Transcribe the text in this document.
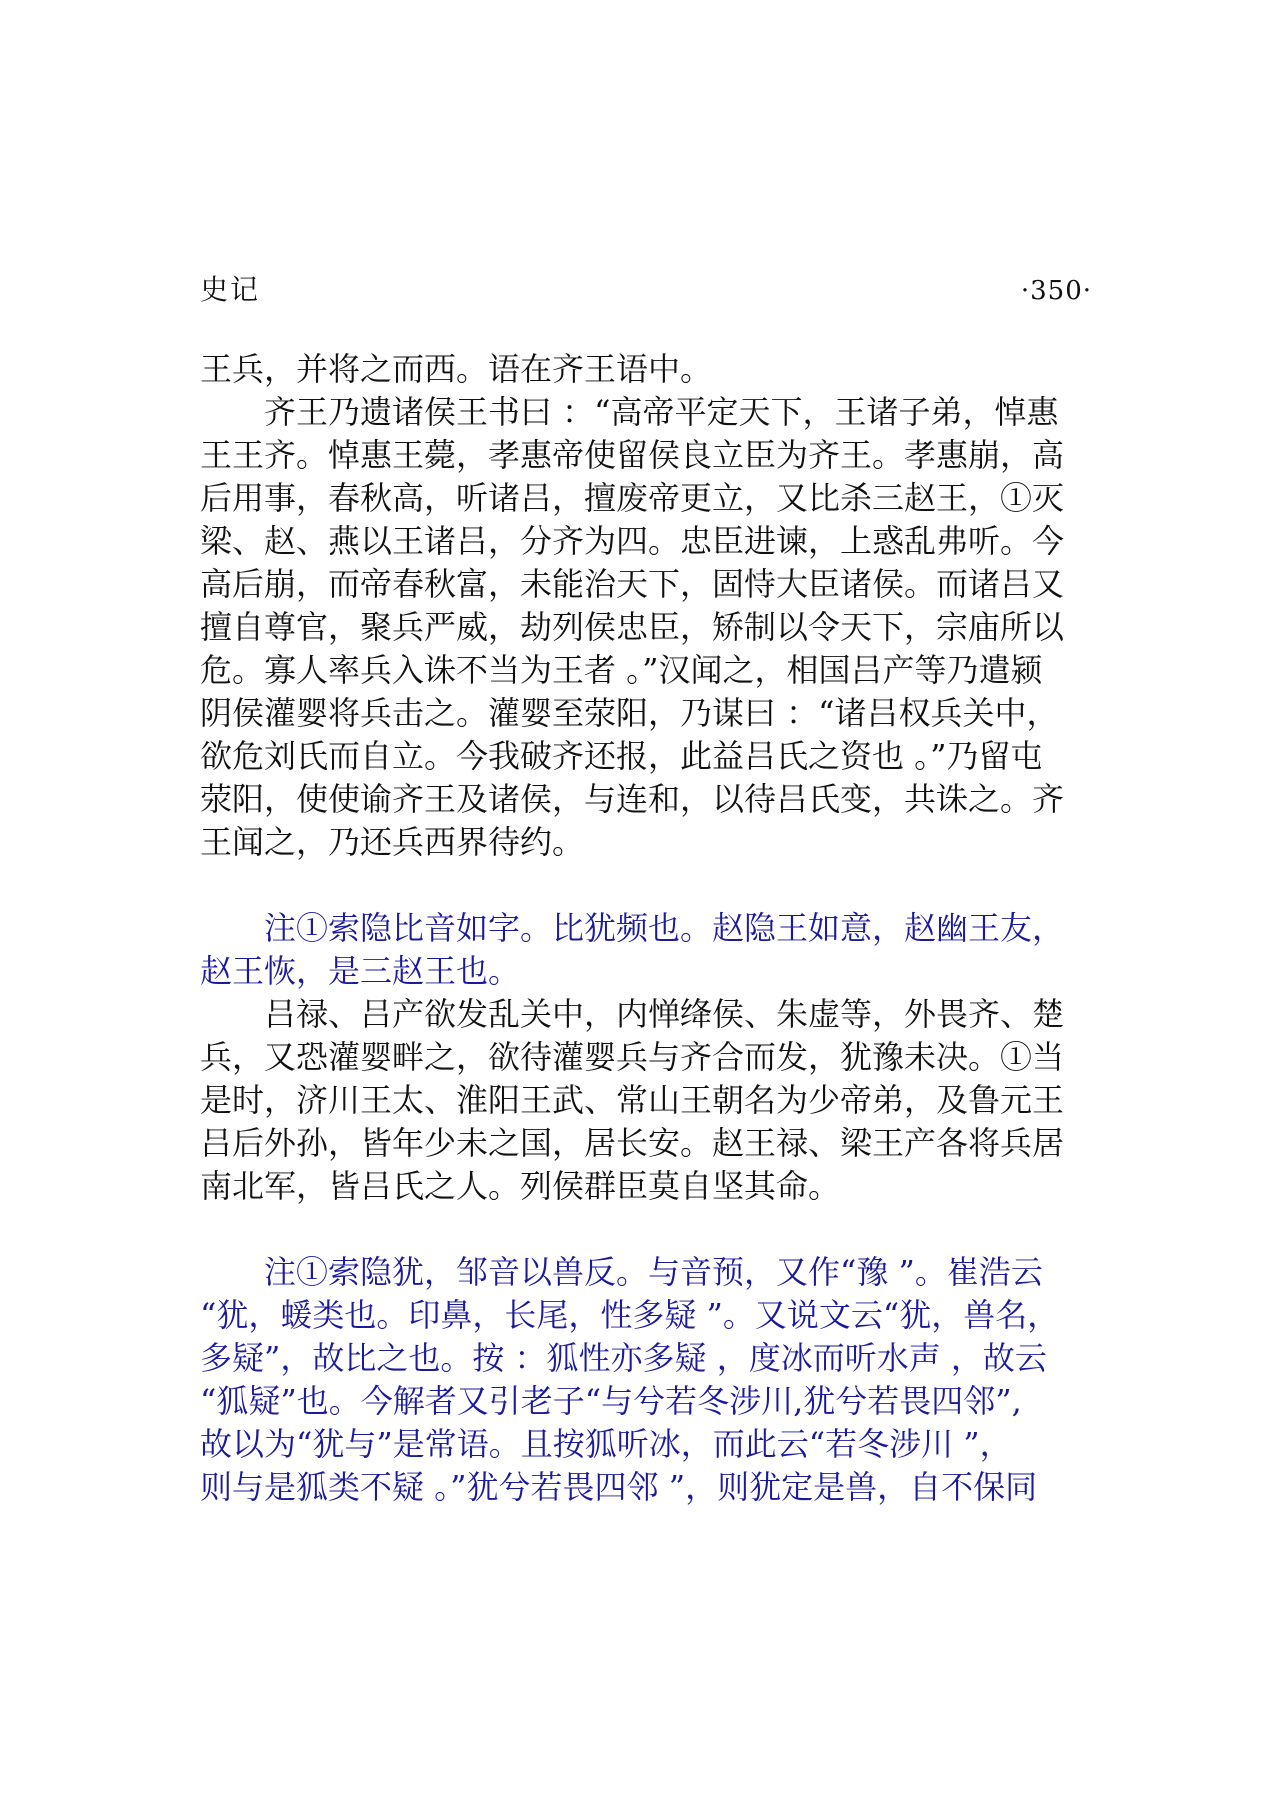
史记	·350·
王兵，并将之而西。语在齐王语中。
　　齐王乃遗诸侯王书曰 ：“高帝平定天下，王诸子弟，悼惠
王王齐。悼惠王薨，孝惠帝使留侯良立臣为齐王。孝惠崩，高
后用事，春秋高，听诸吕，擅废帝更立，又比杀三赵王，①灭
梁、赵、燕以王诸吕，分齐为四。忠臣进谏，上惑乱弗听。今
高后崩，而帝春秋富，未能治天下，固恃大臣诸侯。而诸吕又
擅自尊官，聚兵严威，劫列侯忠臣，矫制以令天下，宗庙所以
危。寡人率兵入诛不当为王者 。”汉闻之，相国吕产等乃遣颍
阴侯灌婴将兵击之。灌婴至荥阳，乃谋曰 ：“诸吕权兵关中，
欲危刘氏而自立。今我破齐还报，此益吕氏之资也 。”乃留屯
荥阳，使使谕齐王及诸侯，与连和，以待吕氏变，共诛之。齐
王闻之，乃还兵西界待约。
　　注①索隐比音如字。比犹频也。赵隐王如意，赵幽王友，
赵王恢，是三赵王也。
　　吕禄、吕产欲发乱关中，内惮绛侯、朱虚等，外畏齐、楚
兵，又恐灌婴畔之，欲待灌婴兵与齐合而发，犹豫未决。①当
是时，济川王太、淮阳王武、常山王朝名为少帝弟，及鲁元王
吕后外孙，皆年少未之国，居长安。赵王禄、梁王产各将兵居
南北军，皆吕氏之人。列侯群臣莫自坚其命。
　　注①索隐犹，邹音以兽反。与音预，又作“豫 ”。崔浩云
“犹，蝯类也。印鼻，长尾，性多疑 ”。又说文云“犹，兽名，
多疑”，故比之也。按 ：狐性亦多疑 ，度冰而听水声 ，故云
“狐疑”也。今解者又引老子“与兮若冬涉川,犹兮若畏四邻”,
故以为“犹与”是常语。且按狐听冰，而此云“若冬涉川 ”，
则与是狐类不疑 。”犹兮若畏四邻 ”，则犹定是兽，自不保同
